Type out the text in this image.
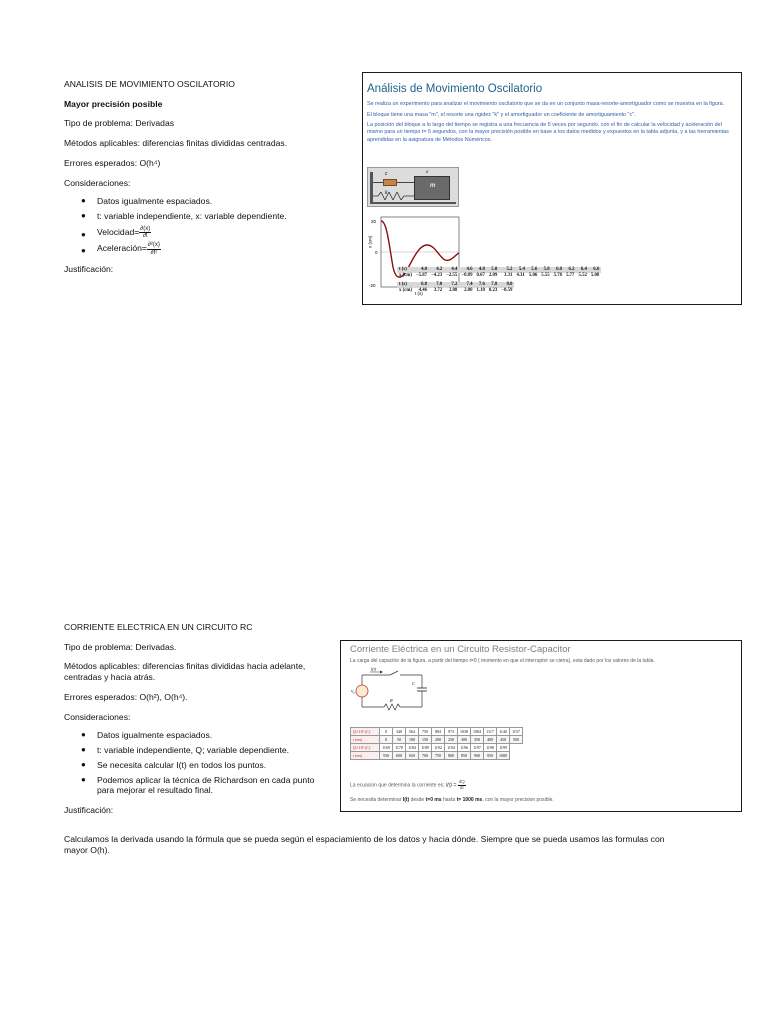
ANALISIS DE MOVIMIENTO OSCILATORIO
Mayor precisión posible
Tipo de problema: Derivadas
Métodos aplicables: diferencias finitas divididas centradas.
Errores esperados: O(h⁴)
Consideraciones:
● Datos igualmente espaciados.
● t: variable independiente, x: variable dependiente.
● Velocidad= $\frac{\partial(x)}{\partial t}$
● Aceleración= $\frac{\text{∂²(x)}}{\text{∂t²}}$
Justificación:
Análisis de Movimiento Oscilatorio
Se realiza un experimento para analizar el movimiento oscilatorio que se da en un conjunto masa-resorte-amortiguador como se muestra en la figura.
El bloque tiene una masa "m", el resorte una rigidez "k" y el amortiguador un coeficiente de amortiguamiento "c".
La posición del bloque a lo largo del tiempo se registra a una frecuencia de 5 veces por segundo, con el fin de calcular la velocidad y aceleración del mismo para un tiempo t= 5 segundos, con la mayor precisión posible en base a los datos medidos y expuestos en la tabla adjunta, y a las herramientas aprendidas en la asignatura de Métodos Numéricos.
m
c
k
x
x (cm)
20
0
-20
t (s)
t (s)	4.0	4.2	4.4	4.6	4.8	5.0	5.2	5.4	5.6	5.8	6.0	6.2	6.4	6.6
x (cm)	−5.87	−4.23	−2.55	−0.89	0.67	2.09	3.31	4.31	5.06	5.55	5.78	5.77	5.52	5.08

t (s)	6.8	7.0	7.2	7.4	7.6	7.8	8.0							
x (cm)	4.46	3.72	2.88	2.00	1.10	0.23	−0.59							
CORRIENTE ELECTRICA EN UN CIRCUITO RC
Tipo de problema: Derivadas.
Métodos aplicables: diferencias finitas divididas hacia adelante,
centradas y hacia atrás.
Errores esperados: O(h²), O(h⁴).
Consideraciones:
● Datos igualmente espaciados.
● t: variable independiente, Q; variable dependiente.
● Se necesita calcular I(t) en todos los puntos.
● Podemos aplicar la técnica de Richardson en cada punto
para mejorar el resultado final.
Justificación:
Calculamos la derivada usando la fórmula que se pueda según el espaciamiento de los datos y hacia dónde. Siempre que se pueda usamos las formulas con
mayor O(h).
Corriente Eléctrica en un Circuito Resistor-Capacitor
La carga del capacitor de la figura, a partir del tiempo t=0 ( momento en que el interruptor se cierra), esta dado por los valores de la tabla.
I(t)
C
R
V₀
Q×10⁶ (C)	0	340	564	750	884	973	1038	1084	1117	1140	1157
t (ms)	0	50	100	150	200	250	300	350	400	450	500
Q×10⁶ (C)	1169	1178	1184	1189	1192	1194	1196	1197	1198	1199	
t (ms)	550	600	650	700	750	800	850	900	950	1000	
La ecuacion que determina la corriente es: $I(t) = \frac{dQ}{dt}$
Se necesita determinar I(t) desde t=0 ms hasta t= 1000 ms, con la mayor precision posible.
